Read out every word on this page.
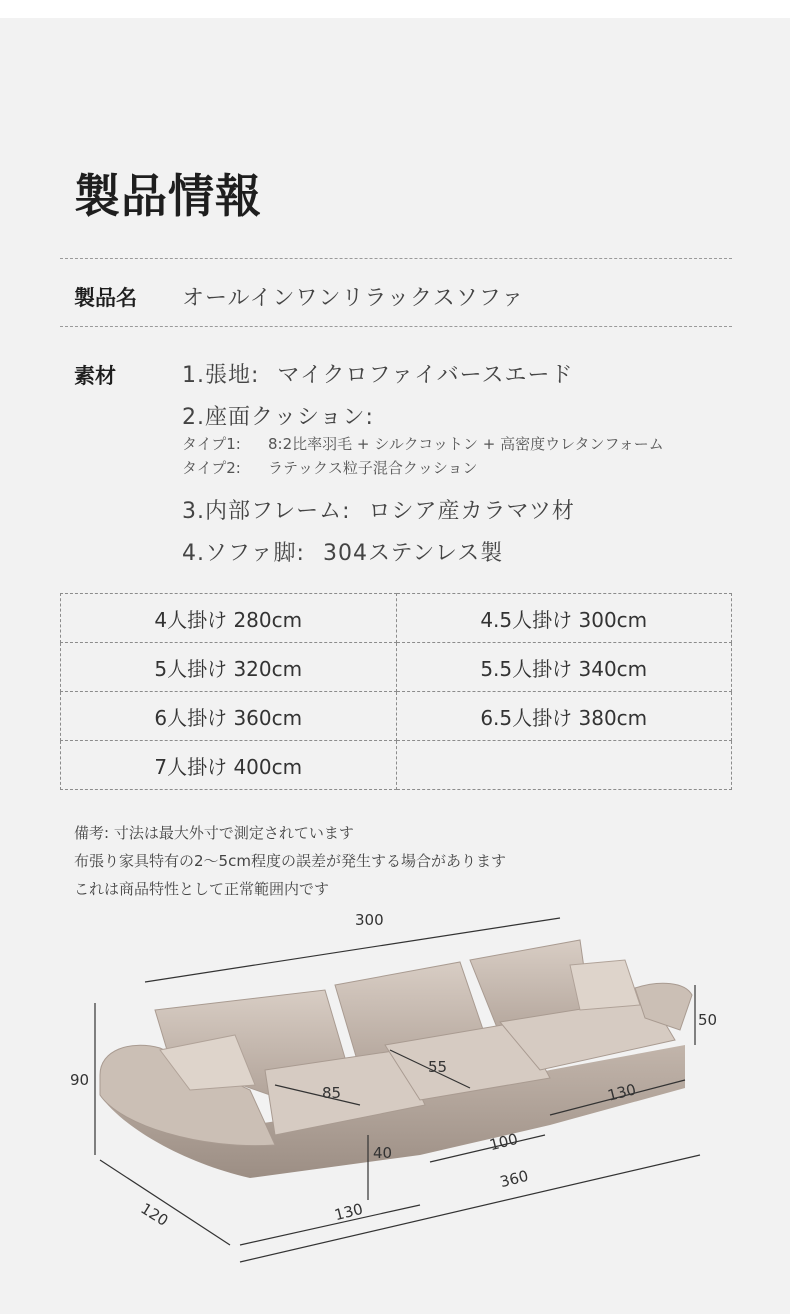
製品情報
製品名 オールインワンリラックスソファ
素材	1.張地: マイクロファイバースエード
2.座面クッション:
タイプ1: 8:2比率羽毛 + シルクコットン + 高密度ウレタンフォーム
タイプ2: ラテックス粒子混合クッション
3.内部フレーム: ロシア産カラマツ材
4.ソファ脚: 304ステンレス製
4人掛け 280cm	4.5人掛け 300cm
5人掛け 320cm	5.5人掛け 340cm
6人掛け 360cm	6.5人掛け 380cm
7人掛け 400cm	
備考: 寸法は最大外寸で測定されています
布張り家具特有の2〜5cm程度の誤差が発生する場合があります
これは商品特性として正常範囲内です
300
90
120
85
55
40
50
130
100
360
130
